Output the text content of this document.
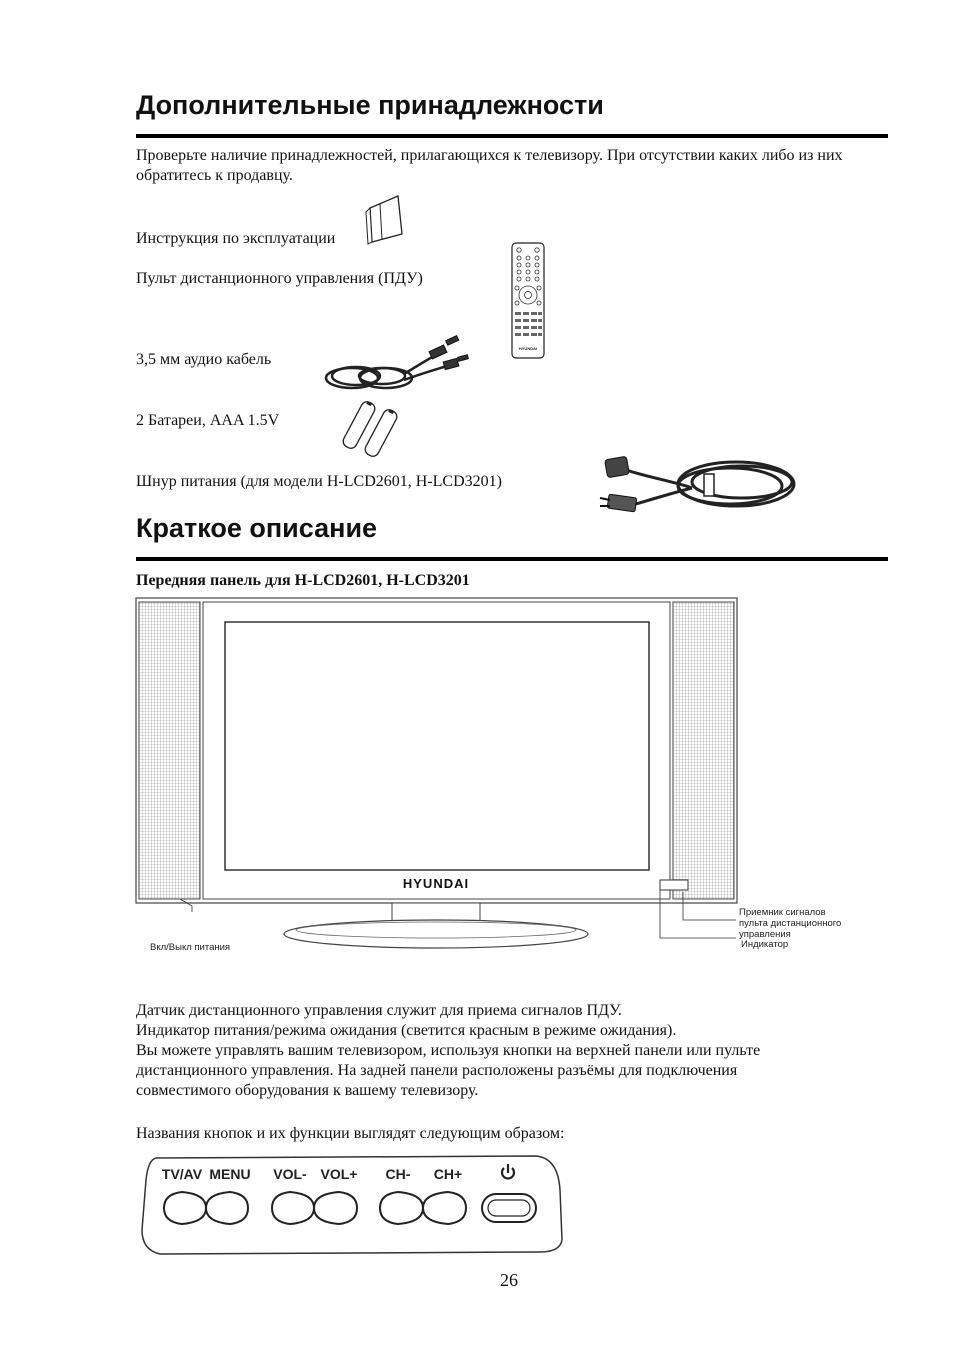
Дополнительные принадлежности
Проверьте наличие принадлежностей, прилагающихся к телевизору. При отсутствии каких либо из них обратитесь к продавцу.
Инструкция по эксплуатации
Пульт дистанционного управления (ПДУ)
HYUNDAI
3,5 мм аудио кабель
2 Батареи, AAA 1.5V
Шнур питания (для модели H-LCD2601, H-LCD3201)
Краткое описание
Передняя панель для H-LCD2601, H-LCD3201
HYUNDAI
Вкл/Выкл питания
Приемник сигналов
пульта дистанционного
управления
Индикатор
Датчик дистанционного управления служит для приема сигналов ПДУ.
Индикатор питания/режима ожидания (светится красным в режиме ожидания).
Вы можете управлять вашим телевизором, используя кнопки на верхней панели или пульте
дистанционного управления. На задней панели расположены разъёмы для подключения
совместимого оборудования к вашему телевизору.
Названия кнопок и их функции выглядят следующим образом:
TV/AV MENU VOL- VOL+ CH- CH+
26
